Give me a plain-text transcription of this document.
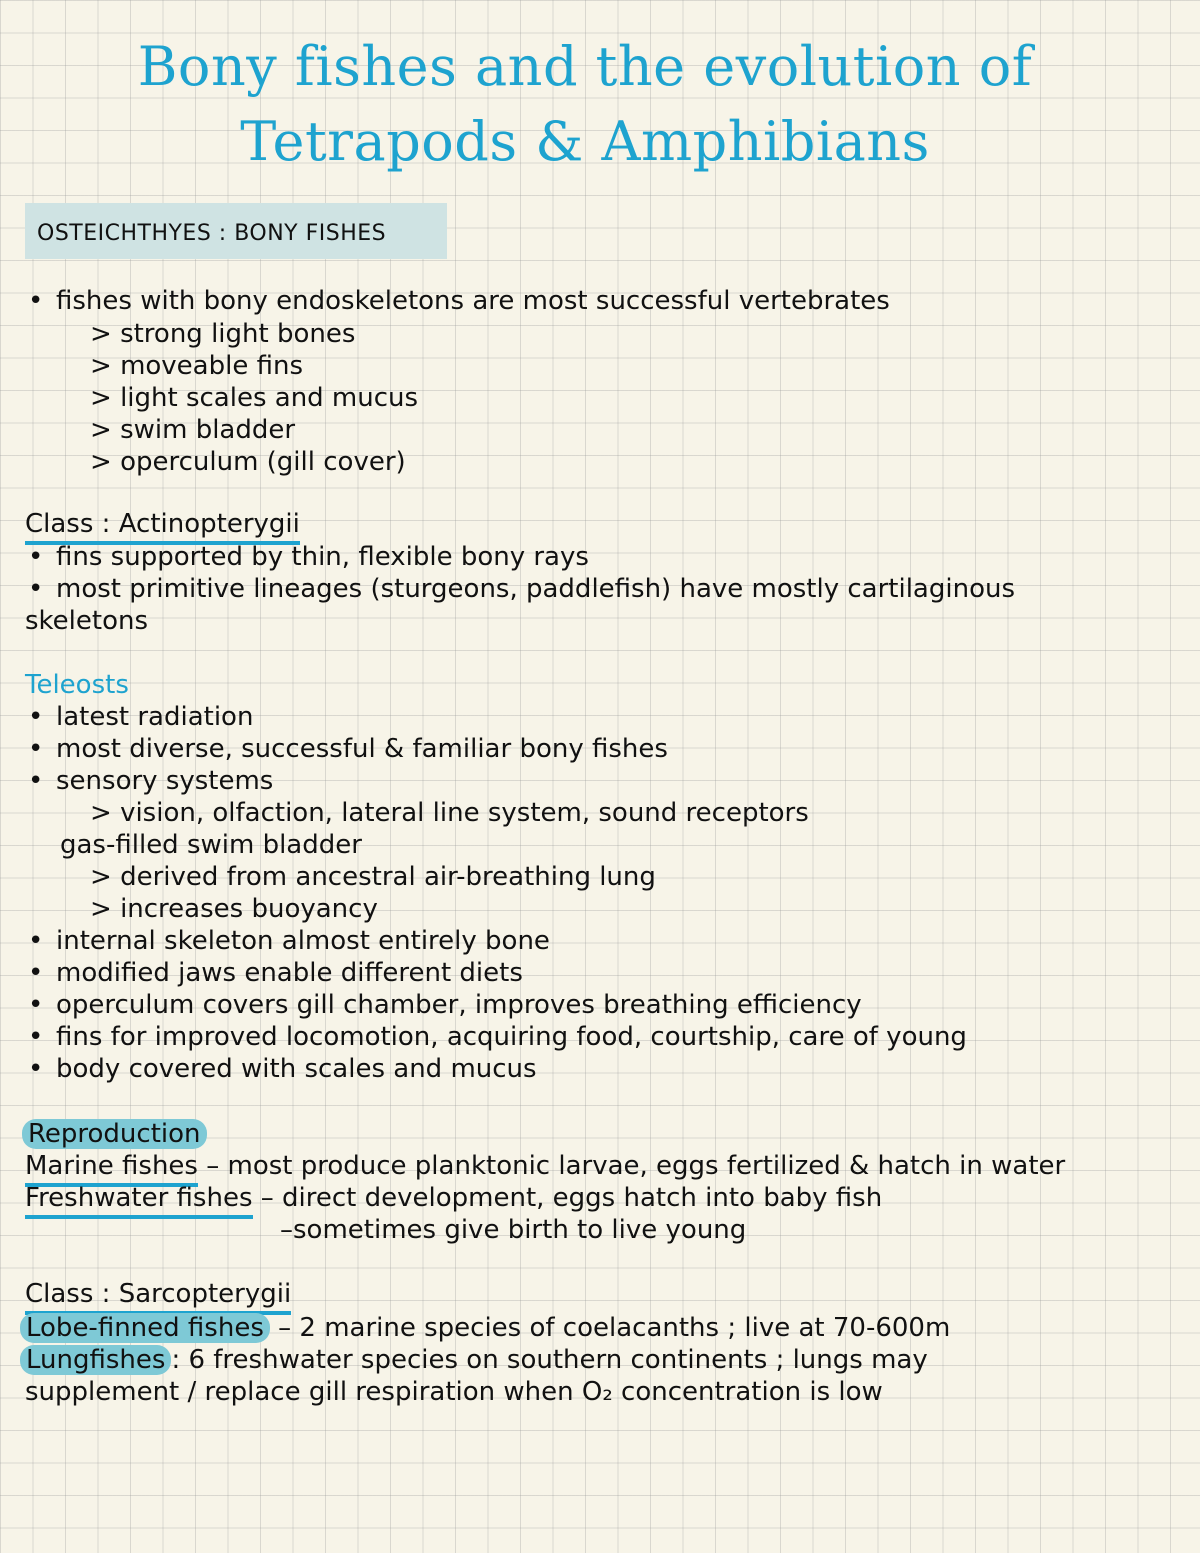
Bony fishes and the evolution of
Tetrapods & Amphibians
OSTEICHTHYES : BONY FISHES
• fishes with bony endoskeletons are most successful vertebrates
> strong light bones
> moveable fins
> light scales and mucus
> swim bladder
> operculum (gill cover)
Class : Actinopterygii
• fins supported by thin, flexible bony rays
• most primitive lineages (sturgeons, paddlefish) have mostly cartilaginous
skeletons
Teleosts
• latest radiation
• most diverse, successful & familiar bony fishes
• sensory systems
> vision, olfaction, lateral line system, sound receptors
gas-filled swim bladder
> derived from ancestral air-breathing lung
> increases buoyancy
• internal skeleton almost entirely bone
• modified jaws enable different diets
• operculum covers gill chamber, improves breathing efficiency
• fins for improved locomotion, acquiring food, courtship, care of young
• body covered with scales and mucus
Reproduction
Marine fishes – most produce planktonic larvae, eggs fertilized & hatch in water
Freshwater fishes – direct development, eggs hatch into baby fish
–sometimes give birth to live young
Class : Sarcopterygii
Lobe-finned fishes – 2 marine species of coelacanths ; live at 70-600m
Lungfishes : 6 freshwater species on southern continents ; lungs may
supplement / replace gill respiration when O₂ concentration is low
